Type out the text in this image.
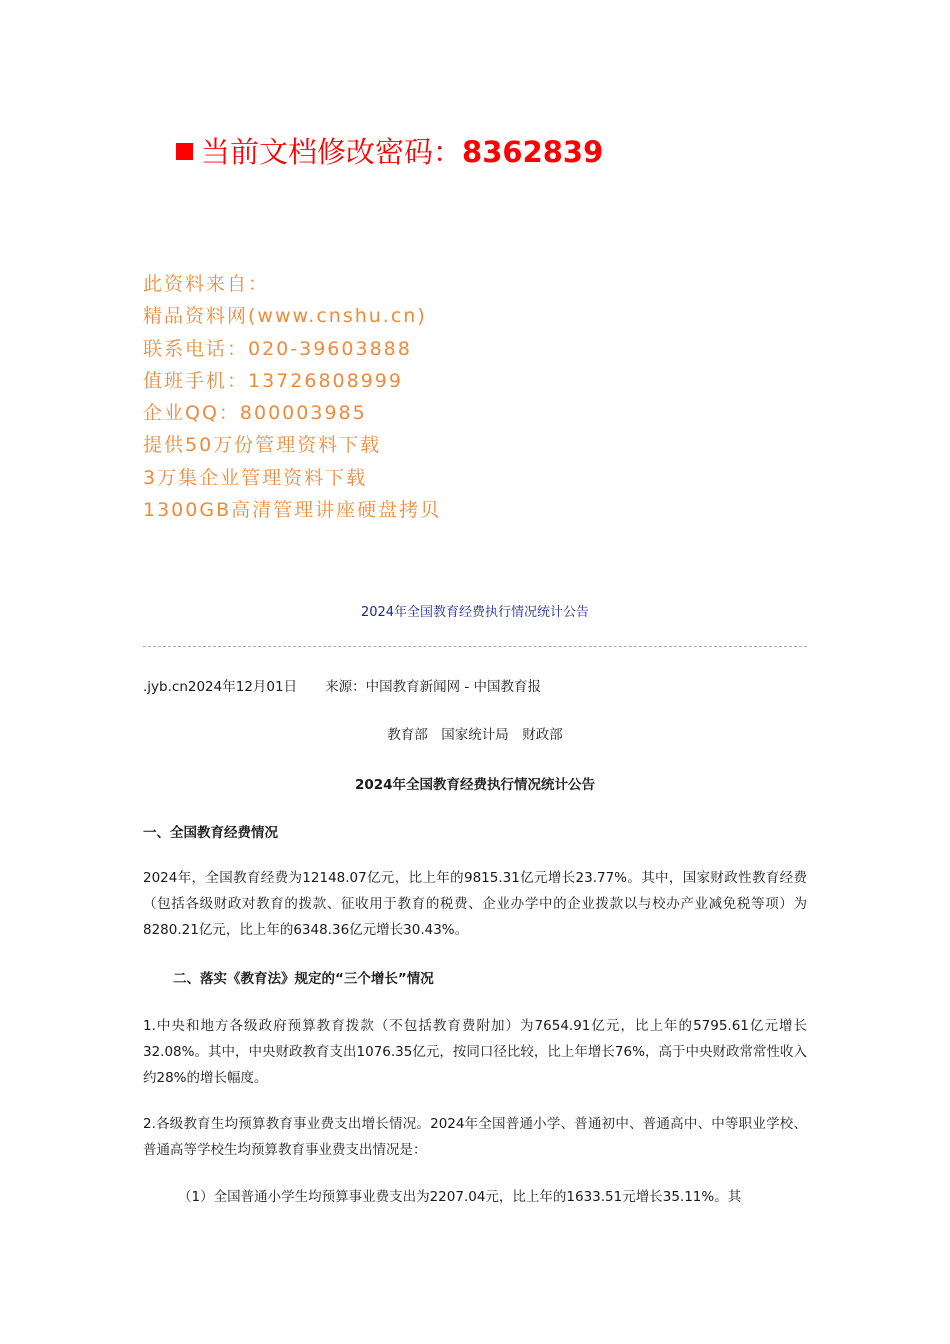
当前文档修改密码：8362839
此资料来自：
精品资料网(www.cnshu.cn)
联系电话：020-39603888
值班手机：13726808999
企业QQ：800003985
提供50万份管理资料下载
3万集企业管理资料下载
1300GB高清管理讲座硬盘拷贝
2024年全国教育经费执行情况统计公告
.jyb.cn2024年12月01日 来源：中国教育新闻网 - 中国教育报
教育部　国家统计局　财政部
2024年全国教育经费执行情况统计公告
一、全国教育经费情况
2024年，全国教育经费为12148.07亿元，比上年的9815.31亿元增长23.77%。其中，国家财政性教育经费（包括各级财政对教育的拨款、征收用于教育的税费、企业办学中的企业拨款以与校办产业减免税等项）为8280.21亿元，比上年的6348.36亿元增长30.43%。
二、落实《教育法》规定的“三个增长”情况
1.中央和地方各级政府预算教育拨款（不包括教育费附加）为7654.91亿元，比上年的5795.61亿元增长32.08%。其中，中央财政教育支出1076.35亿元，按同口径比较，比上年增长76%，高于中央财政常常性收入约28%的增长幅度。
2.各级教育生均预算教育事业费支出增长情况。2024年全国普通小学、普通初中、普通高中、中等职业学校、普通高等学校生均预算教育事业费支出情况是：
（1）全国普通小学生均预算事业费支出为2207.04元，比上年的1633.51元增长35.11%。其
